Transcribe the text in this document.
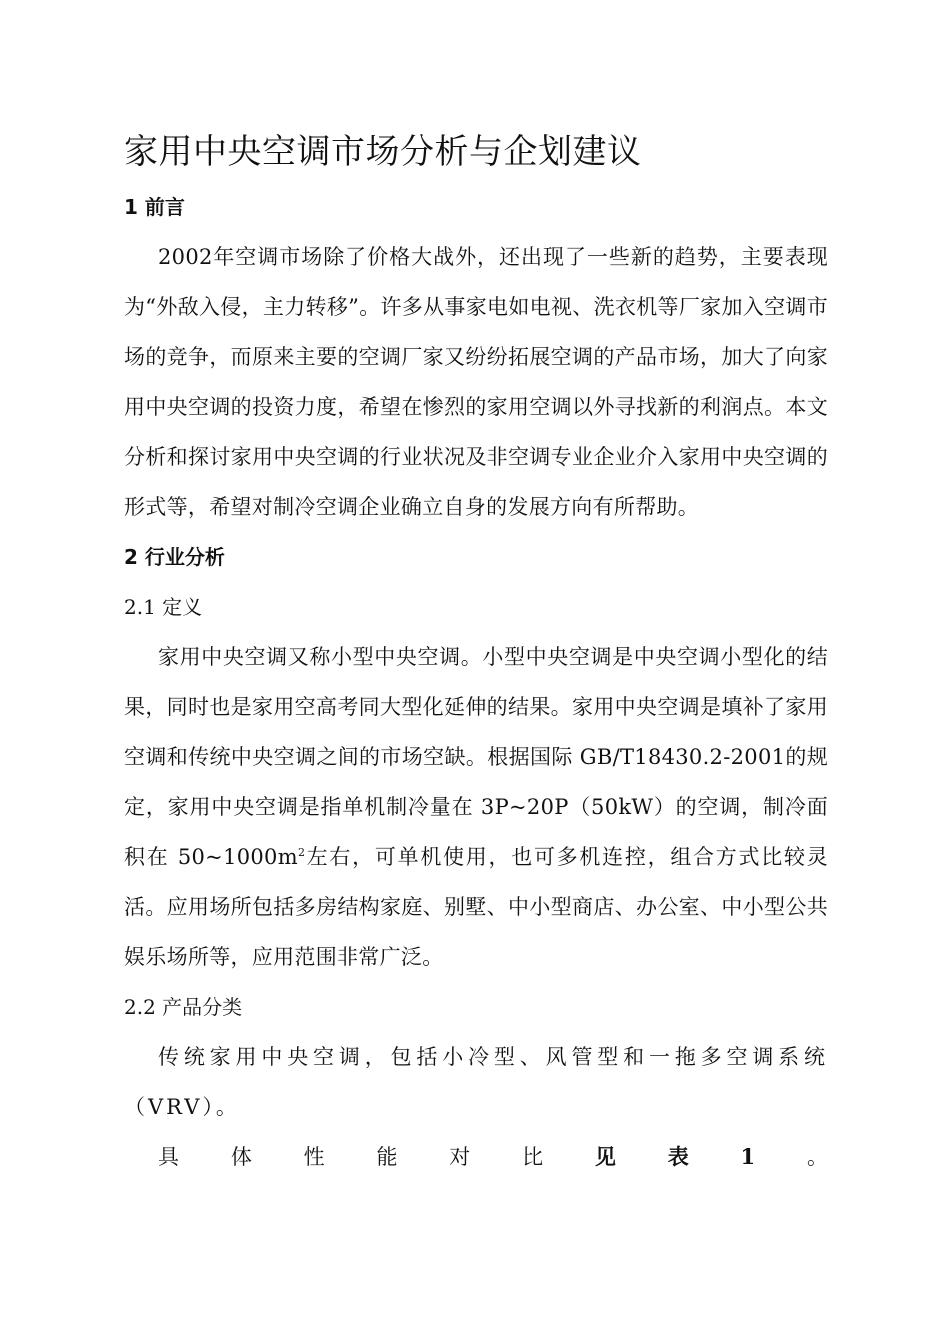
家用中央空调市场分析与企划建议

1 前言

2002年空调市场除了价格大战外，还出现了一些新的趋势，主要表现为“外敌入侵，主力转移”。许多从事家电如电视、洗衣机等厂家加入空调市场的竞争，而原来主要的空调厂家又纷纷拓展空调的产品市场，加大了向家用中央空调的投资力度，希望在惨烈的家用空调以外寻找新的利润点。本文分析和探讨家用中央空调的行业状况及非空调专业企业介入家用中央空调的形式等，希望对制冷空调企业确立自身的发展方向有所帮助。

2 行业分析

2.1 定义

家用中央空调又称小型中央空调。小型中央空调是中央空调小型化的结果，同时也是家用空高考同大型化延伸的结果。家用中央空调是填补了家用空调和传统中央空调之间的市场空缺。根据国际 GB/T18430.2-2001的规定，家用中央空调是指单机制冷量在 3P~20P（50kW）的空调，制冷面积在 $50\sim 1000m^2$左右，可单机使用，也可多机连控，组合方式比较灵活。应用场所包括多房结构家庭、别墅、中小型商店、办公室、中小型公共娱乐场所等，应用范围非常广泛。

2.2 产品分类

传统家用中央空调，包括小冷型、风管型和一拖多空调系统（VRV）。

具 体 性 能 对 比 见 表 1 。
